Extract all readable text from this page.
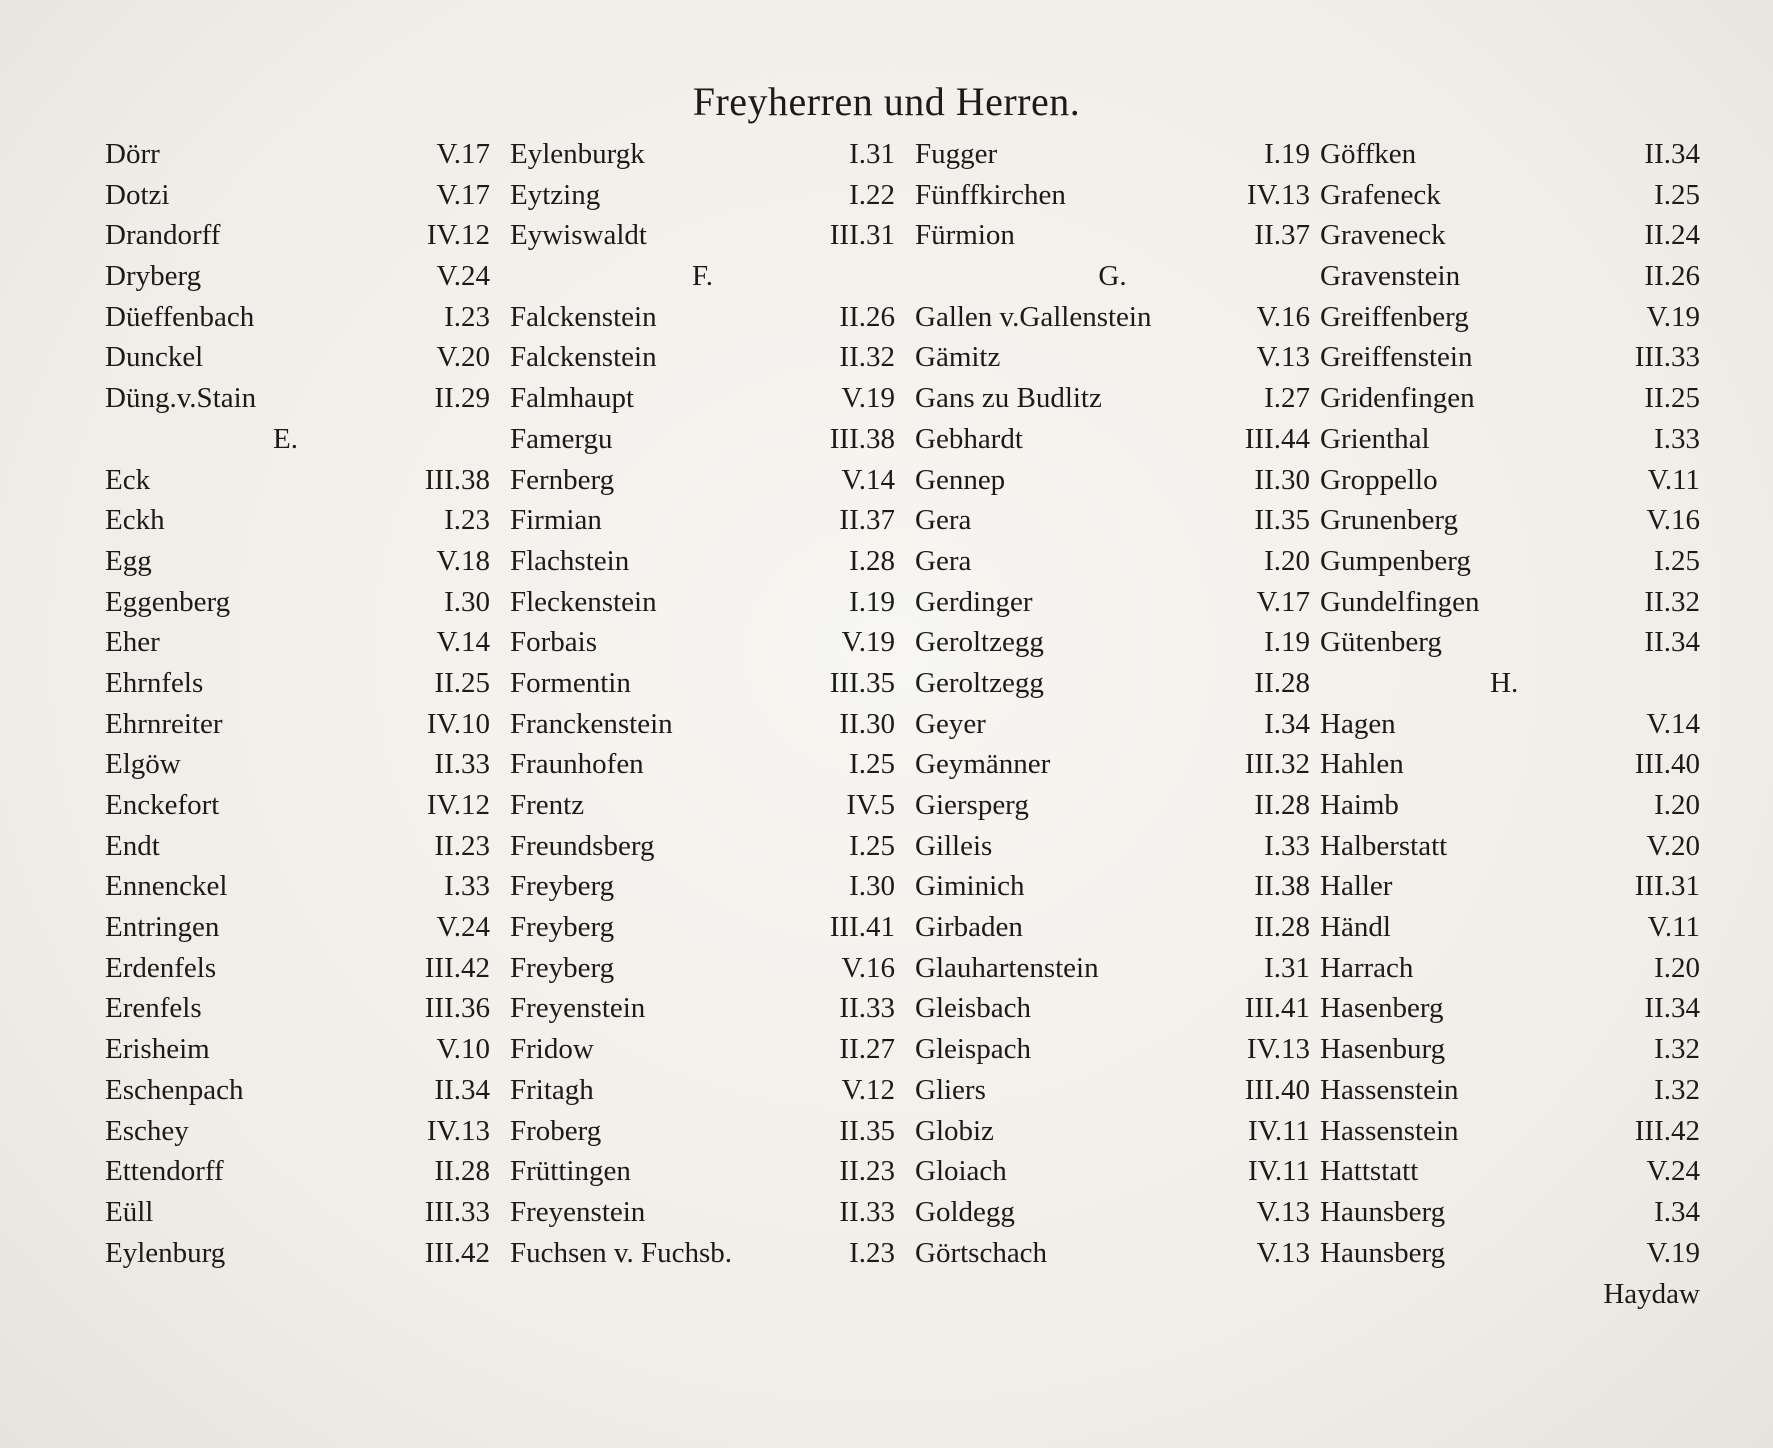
Freyherren und Herren.
Dörr	V.17
Dotzi	V.17
Drandorff	IV.12
Dryberg	V.24
Düeffenbach	I.23
Dunckel	V.20
Düng.v.Stain	II.29
E.
Eck	III.38
Eckh	I.23
Egg	V.18
Eggenberg	I.30
Eher	V.14
Ehrnfels	II.25
Ehrnreiter	IV.10
Elgöw	II.33
Enckefort	IV.12
Endt	II.23
Ennenckel	I.33
Entringen	V.24
Erdenfels	III.42
Erenfels	III.36
Erisheim	V.10
Eschenpach	II.34
Eschey	IV.13
Ettendorff	II.28
Eüll	III.33
Eylenburg	III.42
Eylenburgk	I.31
Eytzing	I.22
Eywiswaldt	III.31
F.
Falckenstein	II.26
Falckenstein	II.32
Falmhaupt	V.19
Famergu	III.38
Fernberg	V.14
Firmian	II.37
Flachstein	I.28
Fleckenstein	I.19
Forbais	V.19
Formentin	III.35
Franckenstein	II.30
Fraunhofen	I.25
Frentz	IV.5
Freundsberg	I.25
Freyberg	I.30
Freyberg	III.41
Freyberg	V.16
Freyenstein	II.33
Fridow	II.27
Fritagh	V.12
Froberg	II.35
Früttingen	II.23
Freyenstein	II.33
Fuchsen v. Fuchsb.	I.23
Fugger	I.19
Fünffkirchen	IV.13
Fürmion	II.37
G.
Gallen v.Gallenstein	V.16
Gämitz	V.13
Gans zu Budlitz	I.27
Gebhardt	III.44
Gennep	II.30
Gera	II.35
Gera	I.20
Gerdinger	V.17
Geroltzegg	I.19
Geroltzegg	II.28
Geyer	I.34
Geymänner	III.32
Giersperg	II.28
Gilleis	I.33
Giminich	II.38
Girbaden	II.28
Glauhartenstein	I.31
Gleisbach	III.41
Gleispach	IV.13
Gliers	III.40
Globiz	IV.11
Gloiach	IV.11
Goldegg	V.13
Görtschach	V.13
Göffken	II.34
Grafeneck	I.25
Graveneck	II.24
Gravenstein	II.26
Greiffenberg	V.19
Greiffenstein	III.33
Gridenfingen	II.25
Grienthal	I.33
Groppello	V.11
Grunenberg	V.16
Gumpenberg	I.25
Gundelfingen	II.32
Gütenberg	II.34
H.
Hagen	V.14
Hahlen	III.40
Haimb	I.20
Halberstatt	V.20
Haller	III.31
Händl	V.11
Harrach	I.20
Hasenberg	II.34
Hasenburg	I.32
Hassenstein	I.32
Hassenstein	III.42
Hattstatt	V.24
Haunsberg	I.34
Haunsberg	V.19
Haydaw
